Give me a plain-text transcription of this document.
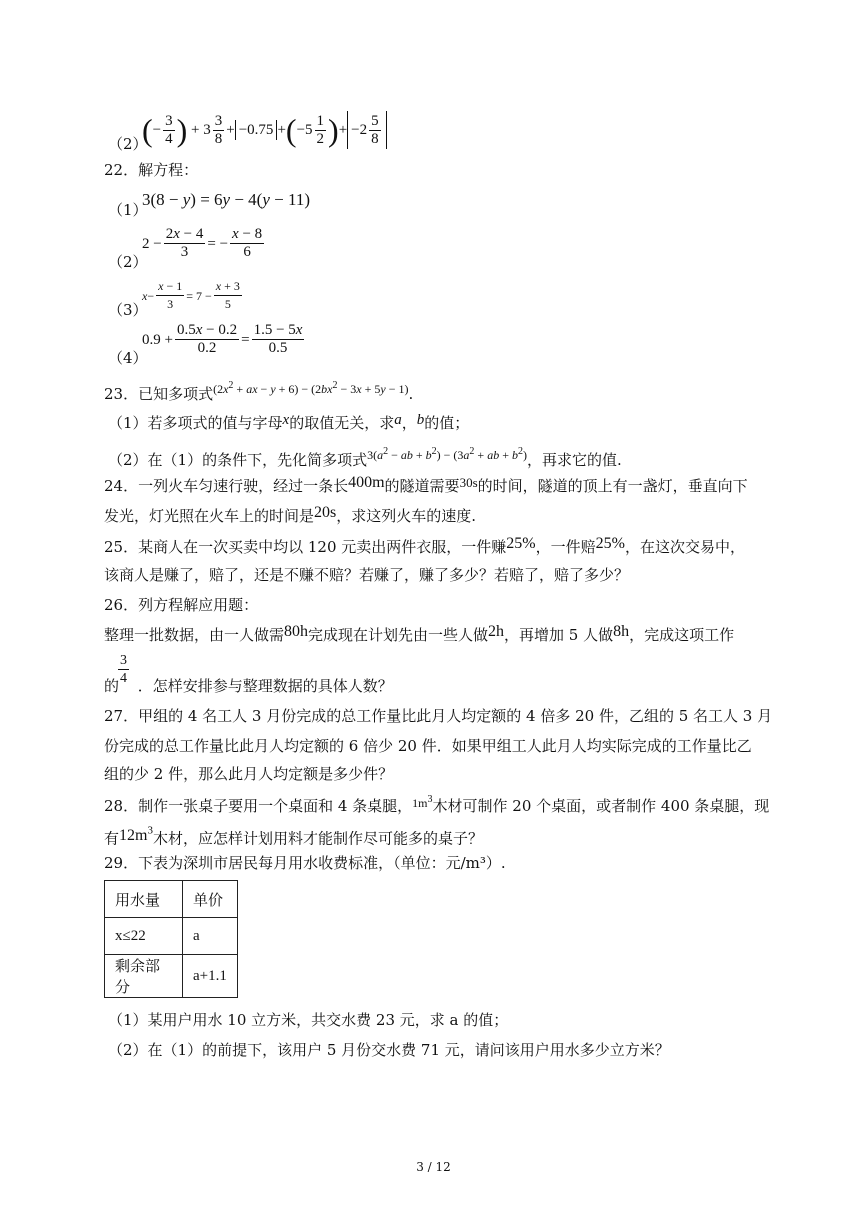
（2）
( − $\frac{3}{4}$ ) + $3 \frac{3}{8} + -0.75$ + ( $-5 \frac{1}{2}$ ) + $-2 \frac{5}{8}$
22．解方程：
（1）
3(8 − y) = 6y − 4(y − 11)
（2）
$2 - \frac{2x - 4}{3}$ = − $\frac{x - 8}{6}$
（3）
$x - \frac{x - 1}{3} = 7 - \frac{x + 3}{5}$
（4）
$0.9 + \frac{0.5x - 0.2}{0.2} = \frac{1.5 - 5x}{0.5}$
23．已知多项式$^{(2x^2 + ax - y + 6) - (2bx^2 - 3x + 5y - 1)}$.
（1）若多项式的值与字母x的取值无关，求a，b的值；
（2）在（1）的条件下，先化简多项式$^{3(a^2 - ab + b^2) - (3a^2 + ab + b^2)}$，再求它的值.
24．一列火车匀速行驶，经过一条长400m的隧道需要30s的时间，隧道的顶上有一盏灯，垂直向下
发光，灯光照在火车上的时间是20s，求这列火车的速度.
25．某商人在一次买卖中均以 120 元卖出两件衣服，一件赚25%，一件赔25%，在这次交易中，
该商人是赚了，赔了，还是不赚不赔？若赚了，赚了多少？若赔了，赔了多少？
26．列方程解应用题：
整理一批数据，由一人做需80h完成现在计划先由一些人做2h，再增加 5 人做8h，完成这项工作
的
$\frac{3}{4}$ ．怎样安排参与整理数据的具体人数？
27．甲组的 4 名工人 3 月份完成的总工作量比此月人均定额的 4 倍多 20 件，乙组的 5 名工人 3 月
份完成的总工作量比此月人均定额的 6 倍少 20 件．如果甲组工人此月人均实际完成的工作量比乙
组的少 2 件，那么此月人均定额是多少件？
28．制作一张桌子要用一个桌面和 4 条桌腿，$^{1m^3}$木材可制作 20 个桌面，或者制作 400 条桌腿，现
有$12m^3$木材，应怎样计划用料才能制作尽可能多的桌子？
29．下表为深圳市居民每月用水收费标准，（单位：元/m³）.
用水量	单价
x≤22	a
剩余部分	a+1.1
（1）某用户用水 10 立方米，共交水费 23 元，求 a 的值；
（2）在（1）的前提下，该用户 5 月份交水费 71 元，请问该用户用水多少立方米？
3 / 12
